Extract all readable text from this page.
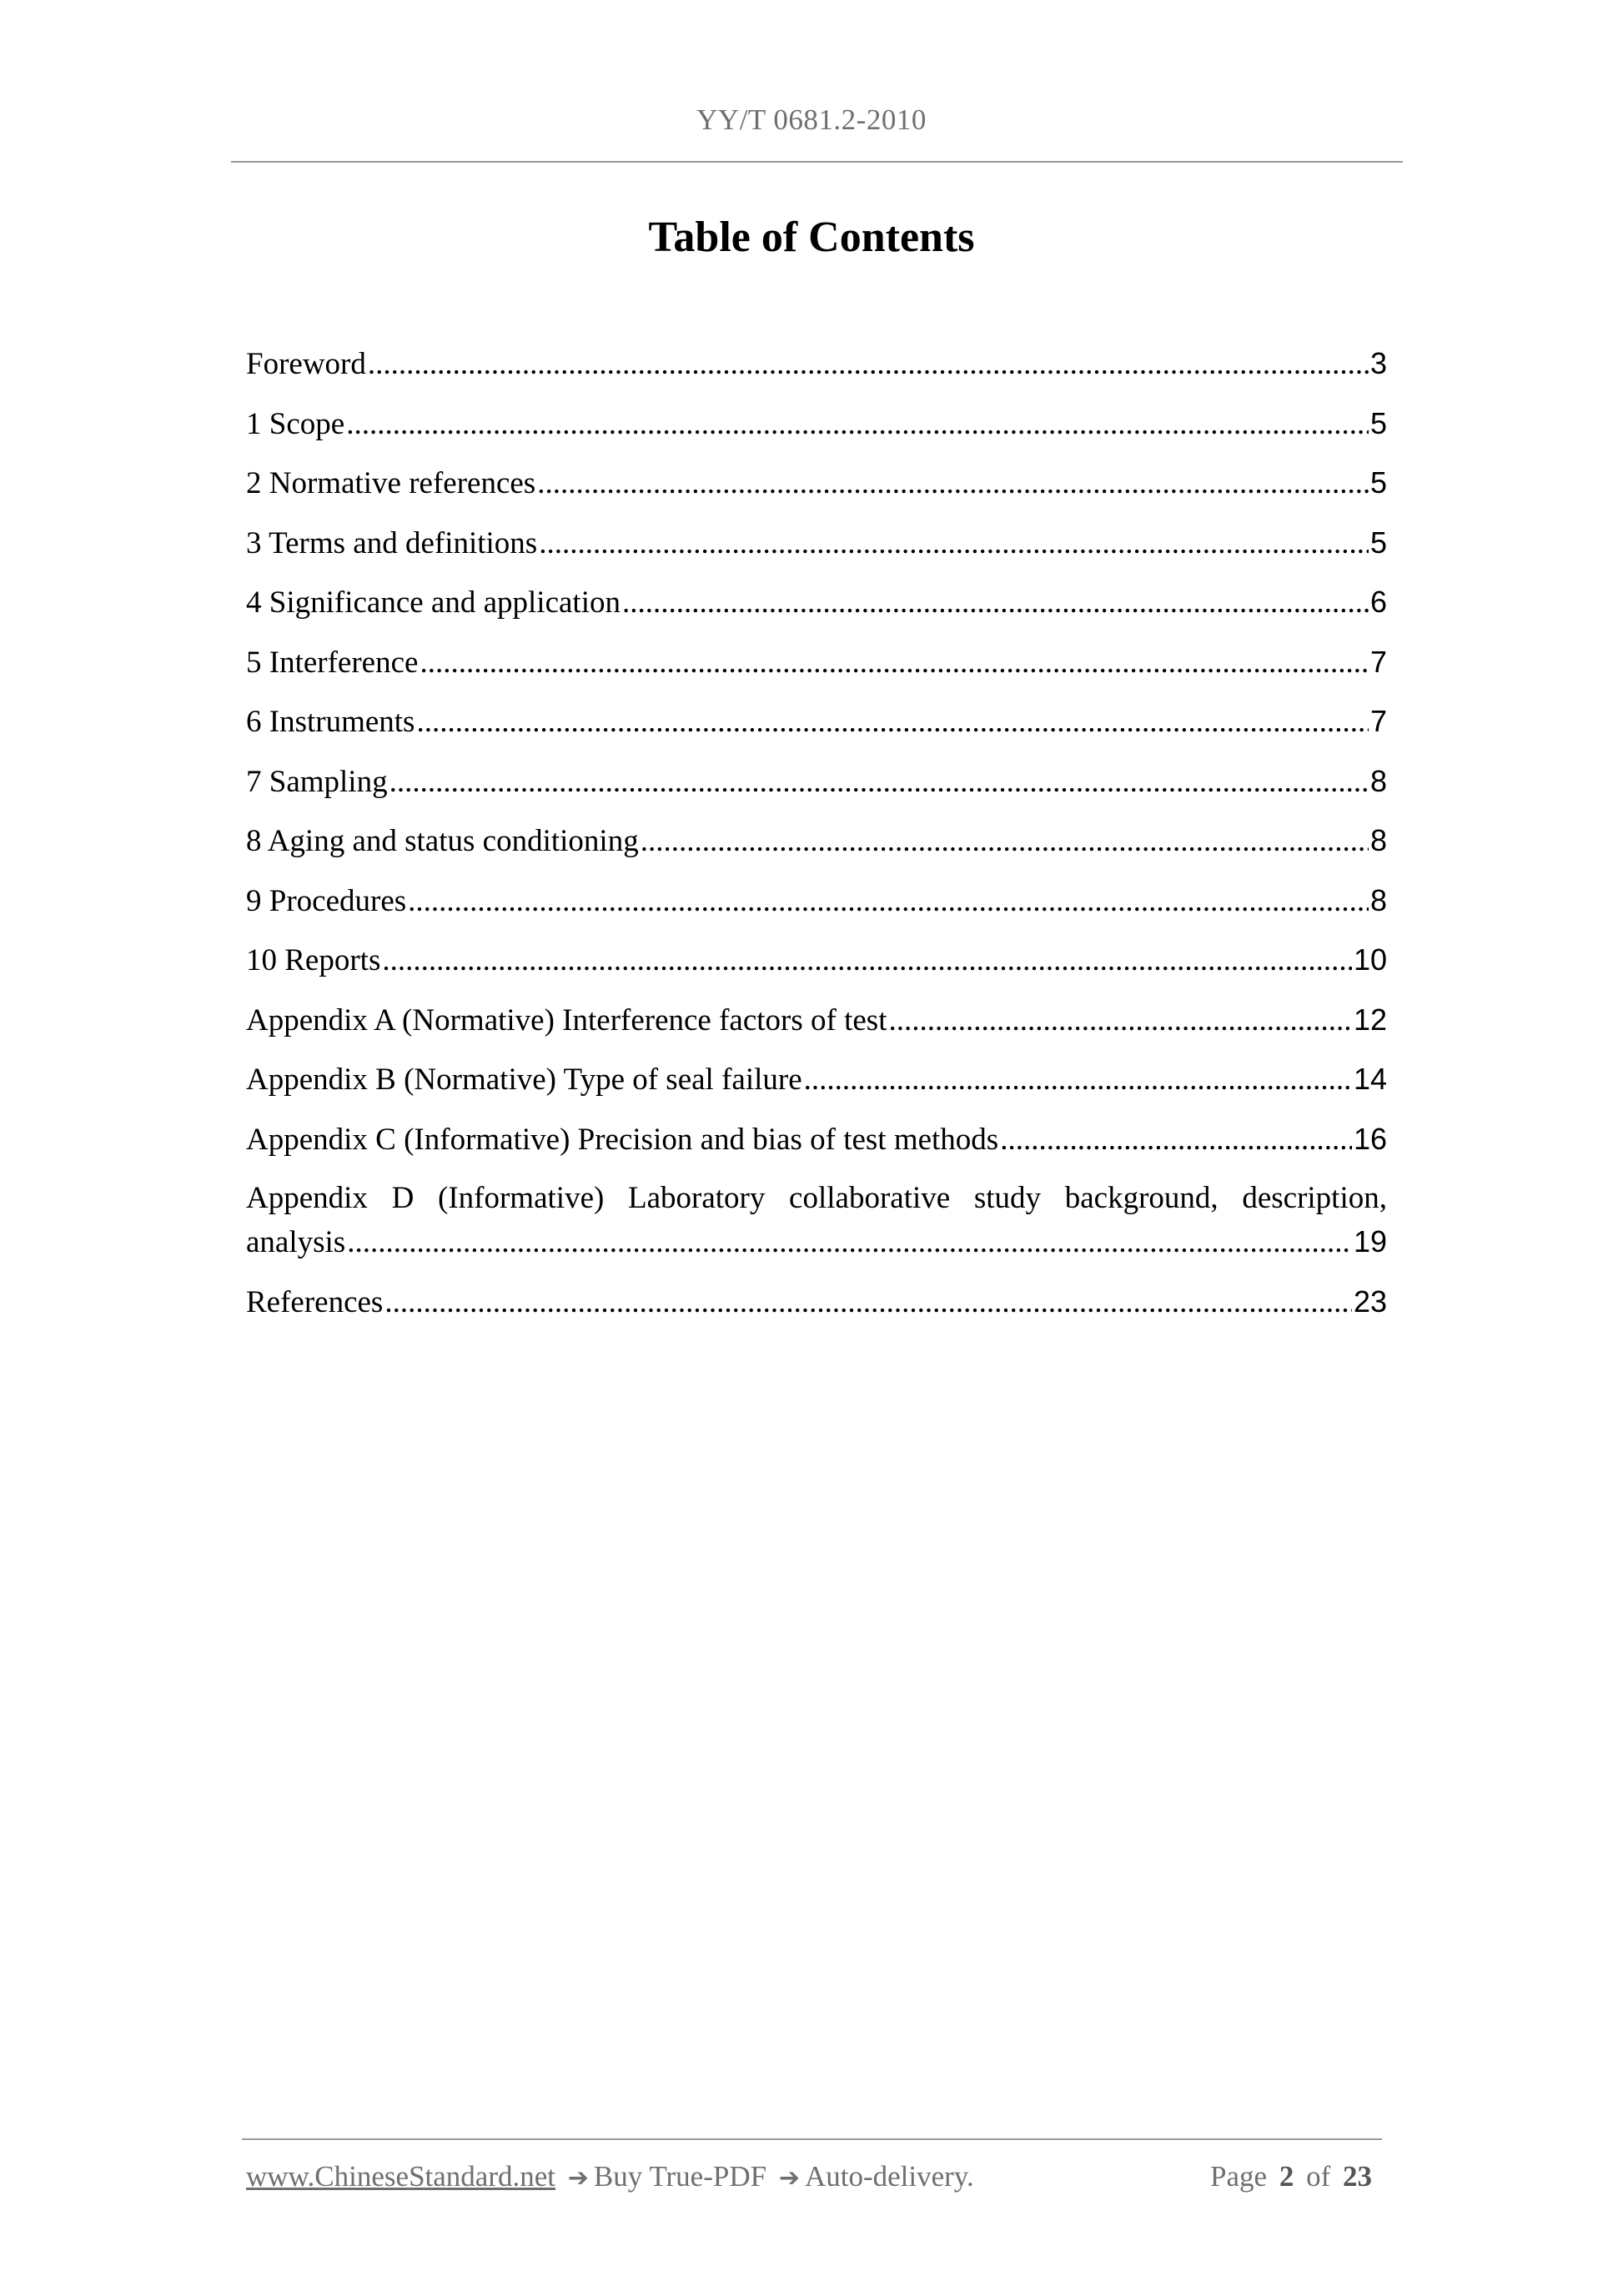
YY/T 0681.2-2010
Table of Contents
Foreword .....	3
1 Scope .....	5
2 Normative references .....	5
3 Terms and definitions .....	5
4 Significance and application .....	6
5 Interference .....	7
6 Instruments .....	7
7 Sampling .....	8
8 Aging and status conditioning .....	8
9 Procedures .....	8
10 Reports .....	10
Appendix A (Normative) Interference factors of test .....	12
Appendix B (Normative) Type of seal failure .....	14
Appendix C (Informative) Precision and bias of test methods .....	16
Appendix D (Informative) Laboratory collaborative study background, description,
analysis .....	19
References .....	23
www.ChineseStandard.net ➔ Buy True-PDF ➔ Auto-delivery.	Page 2 of 23
